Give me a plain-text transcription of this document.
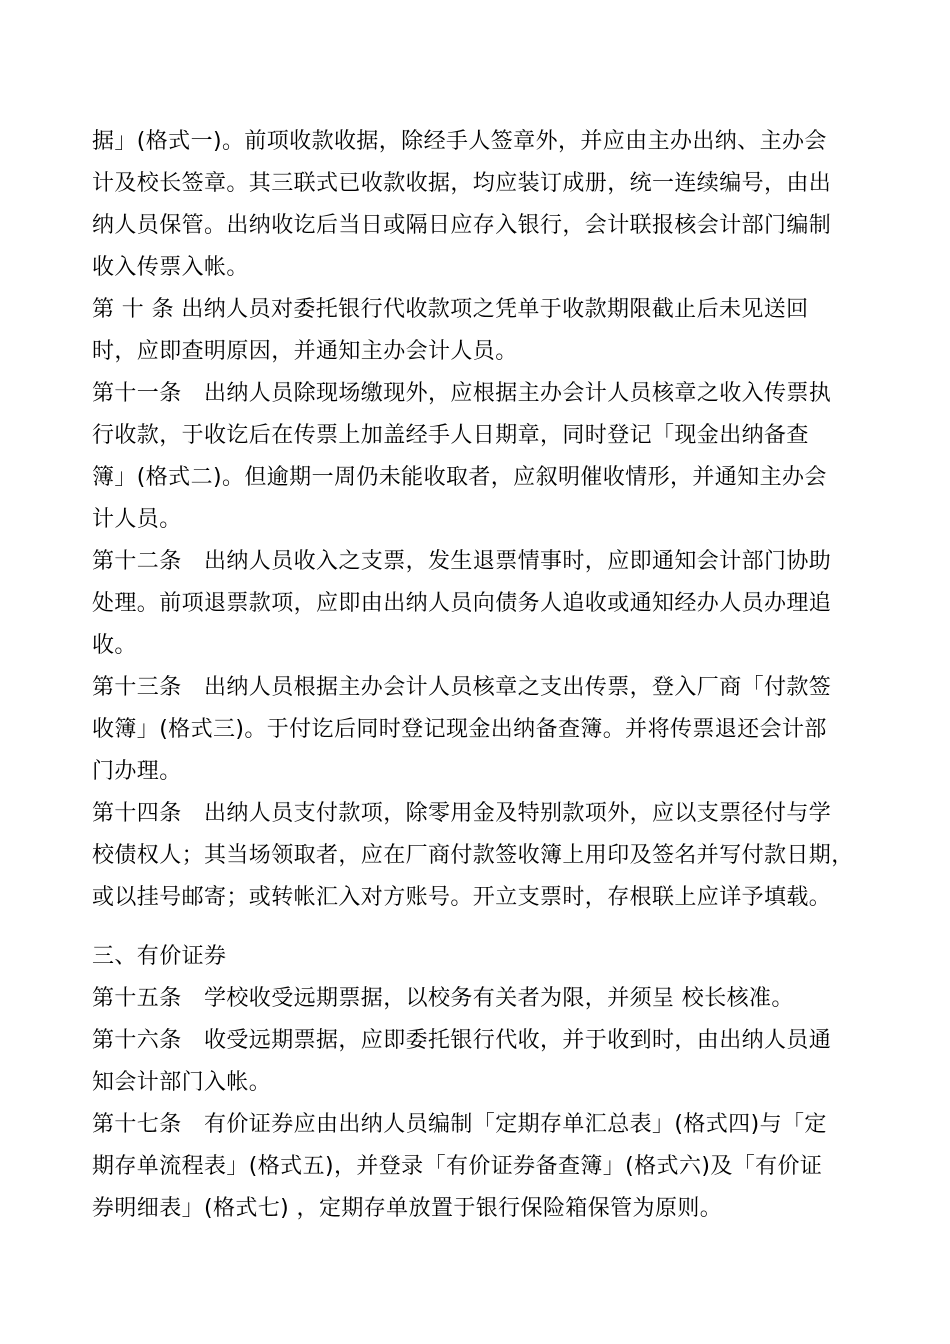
据」(格式一)。前项收款收据，除经手人签章外，并应由主办出纳、主办会
计及校长签章。其三联式已收款收据，均应装订成册，统一连续编号，由出
纳人员保管。出纳收讫后当日或隔日应存入银行，会计联报核会计部门编制
收入传票入帐。
第 十 条 出纳人员对委托银行代收款项之凭单于收款期限截止后未见送回
时，应即查明原因，并通知主办会计人员。
第十一条　出纳人员除现场缴现外，应根据主办会计人员核章之收入传票执
行收款，于收讫后在传票上加盖经手人日期章，同时登记「现金出纳备查
簿」(格式二)。但逾期一周仍未能收取者，应叙明催收情形，并通知主办会
计人员。
第十二条　出纳人员收入之支票，发生退票情事时，应即通知会计部门协助
处理。前项退票款项，应即由出纳人员向债务人追收或通知经办人员办理追
收。
第十三条　出纳人员根据主办会计人员核章之支出传票，登入厂商「付款签
收簿」(格式三)。于付讫后同时登记现金出纳备查簿。并将传票退还会计部
门办理。
第十四条　出纳人员支付款项，除零用金及特别款项外，应以支票径付与学
校债权人；其当场领取者，应在厂商付款签收簿上用印及签名并写付款日期，
或以挂号邮寄；或转帐汇入对方账号。开立支票时，存根联上应详予填载。
三、有价证券
第十五条　学校收受远期票据，以校务有关者为限，并须呈 校长核准。
第十六条　收受远期票据，应即委托银行代收，并于收到时，由出纳人员通
知会计部门入帐。
第十七条　有价证券应由出纳人员编制「定期存单汇总表」(格式四)与「定
期存单流程表」(格式五)，并登录「有价证券备查簿」(格式六)及「有价证
券明细表」(格式七) ，定期存单放置于银行保险箱保管为原则。
